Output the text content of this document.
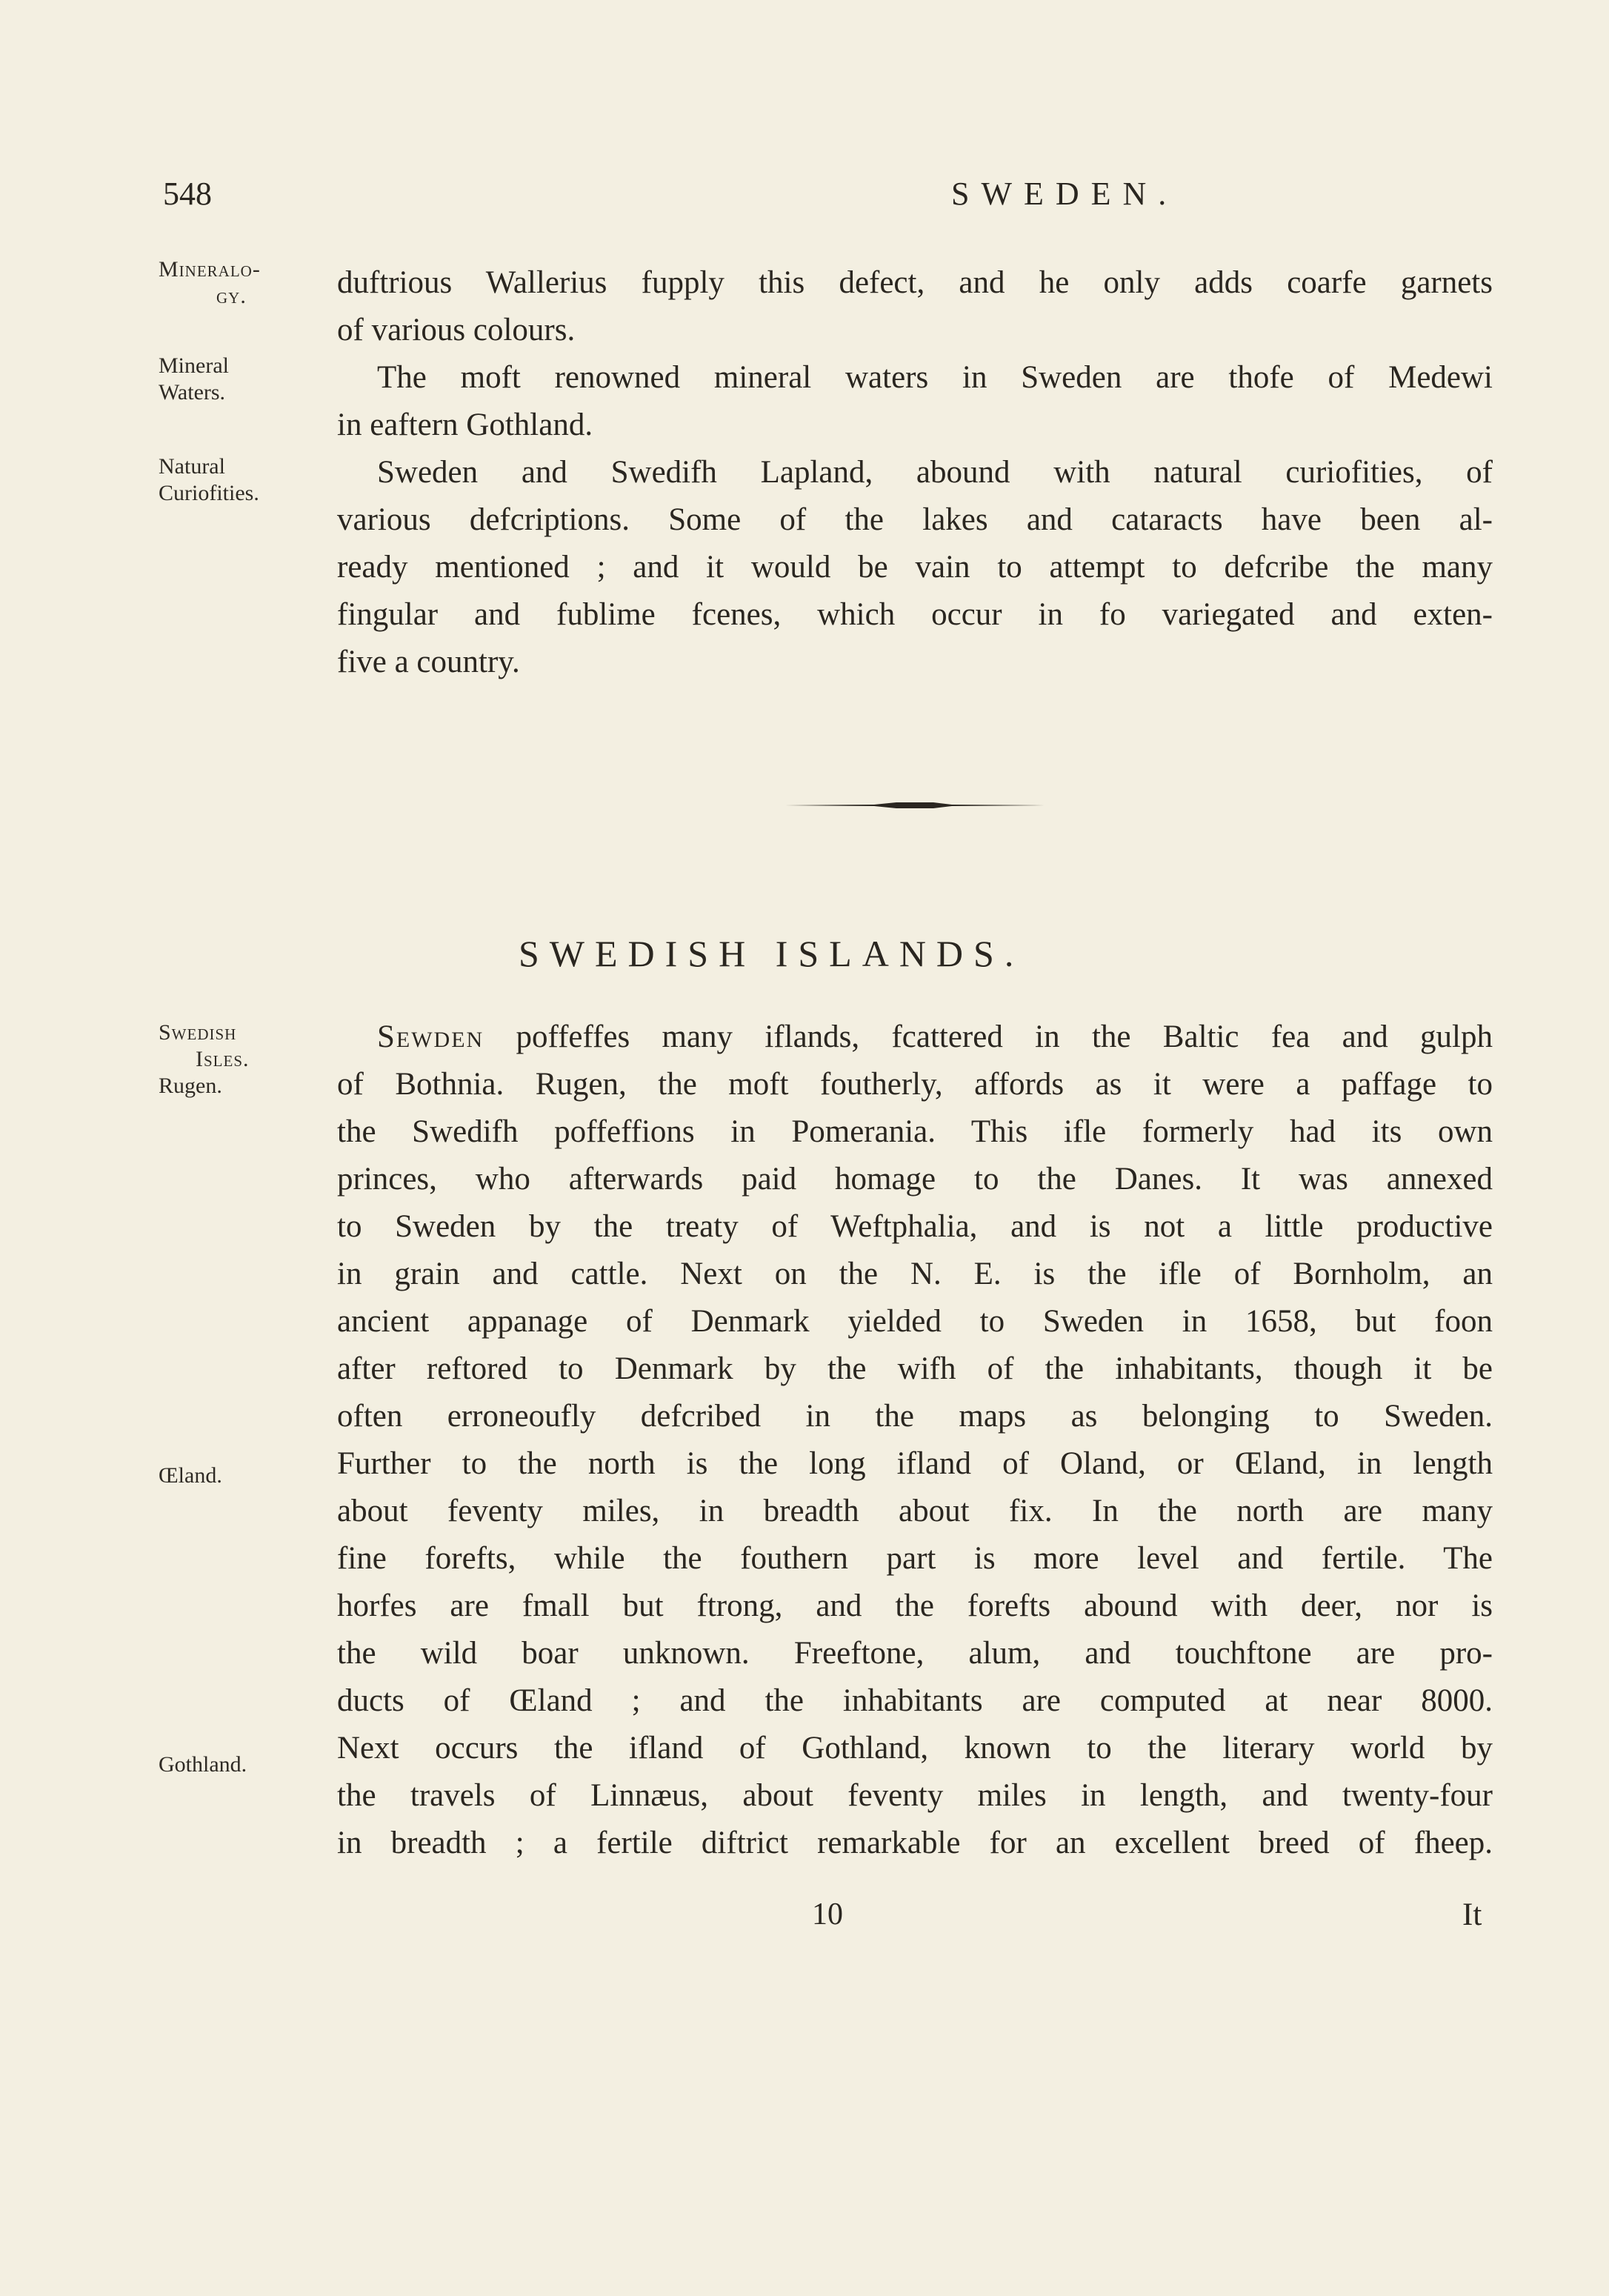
548	SWEDEN.
Mineralo-
gy.
Mineral
Waters.
Natural
Curiofities.
Swedish
Isles.
Rugen.
Œland.
Gothland.
duftrious Wallerius fupply this defect, and he only adds coarfe garnets
of various colours.
The moft renowned mineral waters in Sweden are thofe of Medewi
in eaftern Gothland.
Sweden and Swedifh Lapland, abound with natural curiofities, of
various defcriptions. Some of the lakes and cataracts have been al-
ready mentioned ; and it would be vain to attempt to defcribe the many
fingular and fublime fcenes, which occur in fo variegated and exten-
five a country.
SWEDISH ISLANDS.
Sewden poffeffes many iflands, fcattered in the Baltic fea and gulph
of Bothnia. Rugen, the moft foutherly, affords as it were a paffage to
the Swedifh poffeffions in Pomerania. This ifle formerly had its own
princes, who afterwards paid homage to the Danes. It was annexed
to Sweden by the treaty of Weftphalia, and is not a little productive
in grain and cattle. Next on the N. E. is the ifle of Bornholm, an
ancient appanage of Denmark yielded to Sweden in 1658, but foon
after reftored to Denmark by the wifh of the inhabitants, though it be
often erroneoufly defcribed in the maps as belonging to Sweden.
Further to the north is the long ifland of Oland, or Œland, in length
about feventy miles, in breadth about fix. In the north are many
fine forefts, while the fouthern part is more level and fertile. The
horfes are fmall but ftrong, and the forefts abound with deer, nor is
the wild boar unknown. Freeftone, alum, and touchftone are pro-
ducts of Œland ; and the inhabitants are computed at near 8000.
Next occurs the ifland of Gothland, known to the literary world by
the travels of Linnæus, about feventy miles in length, and twenty-four
in breadth ; a fertile diftrict remarkable for an excellent breed of fheep.
10	It
